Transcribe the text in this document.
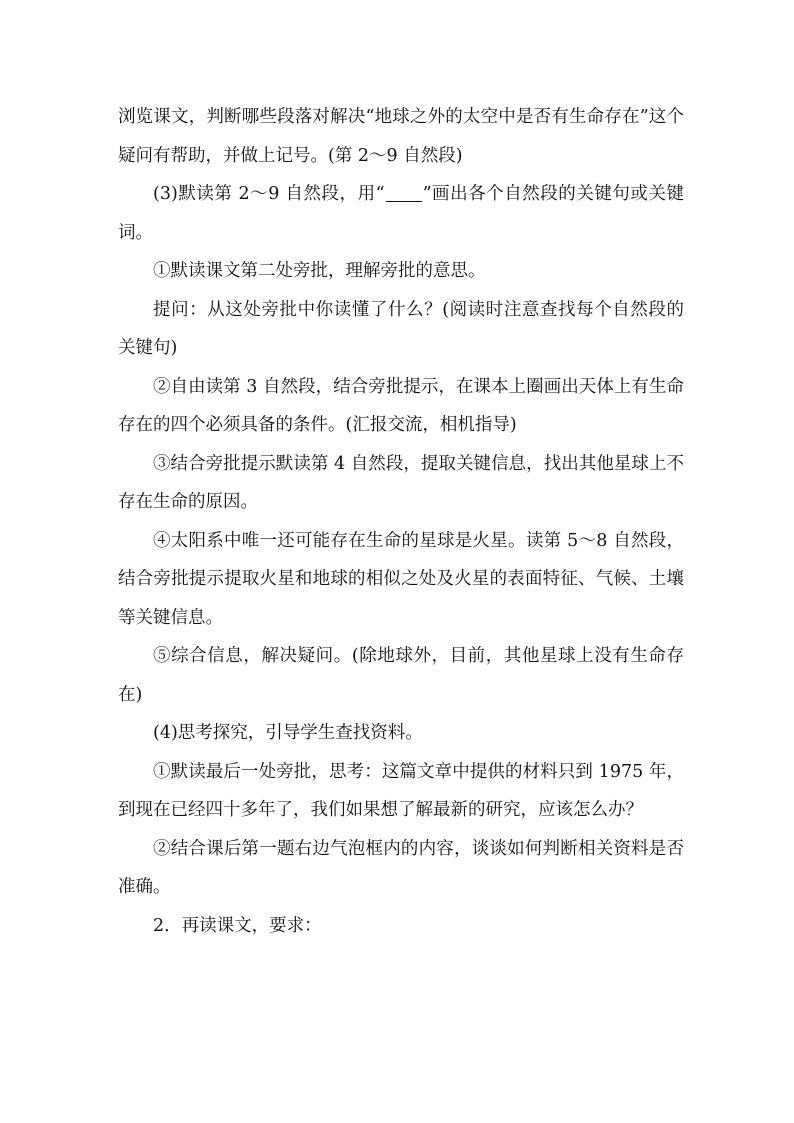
浏览课文，判断哪些段落对解决“地球之外的太空中是否有生命存在”这个疑问有帮助，并做上记号。(第 2～9 自然段)

(3)默读第 2～9 自然段，用“ ”画出各个自然段的关键句或关键词。

①默读课文第二处旁批，理解旁批的意思。

提问：从这处旁批中你读懂了什么？(阅读时注意查找每个自然段的关键句)

②自由读第 3 自然段，结合旁批提示，在课本上圈画出天体上有生命存在的四个必须具备的条件。(汇报交流，相机指导)

③结合旁批提示默读第 4 自然段，提取关键信息，找出其他星球上不存在生命的原因。

④太阳系中唯一还可能存在生命的星球是火星。读第 5～8 自然段，结合旁批提示提取火星和地球的相似之处及火星的表面特征、气候、土壤等关键信息。

⑤综合信息，解决疑问。(除地球外，目前，其他星球上没有生命存在)

(4)思考探究，引导学生查找资料。

①默读最后一处旁批，思考：这篇文章中提供的材料只到 1975 年，到现在已经四十多年了，我们如果想了解最新的研究，应该怎么办？

②结合课后第一题右边气泡框内的内容，谈谈如何判断相关资料是否准确。

2．再读课文，要求：
